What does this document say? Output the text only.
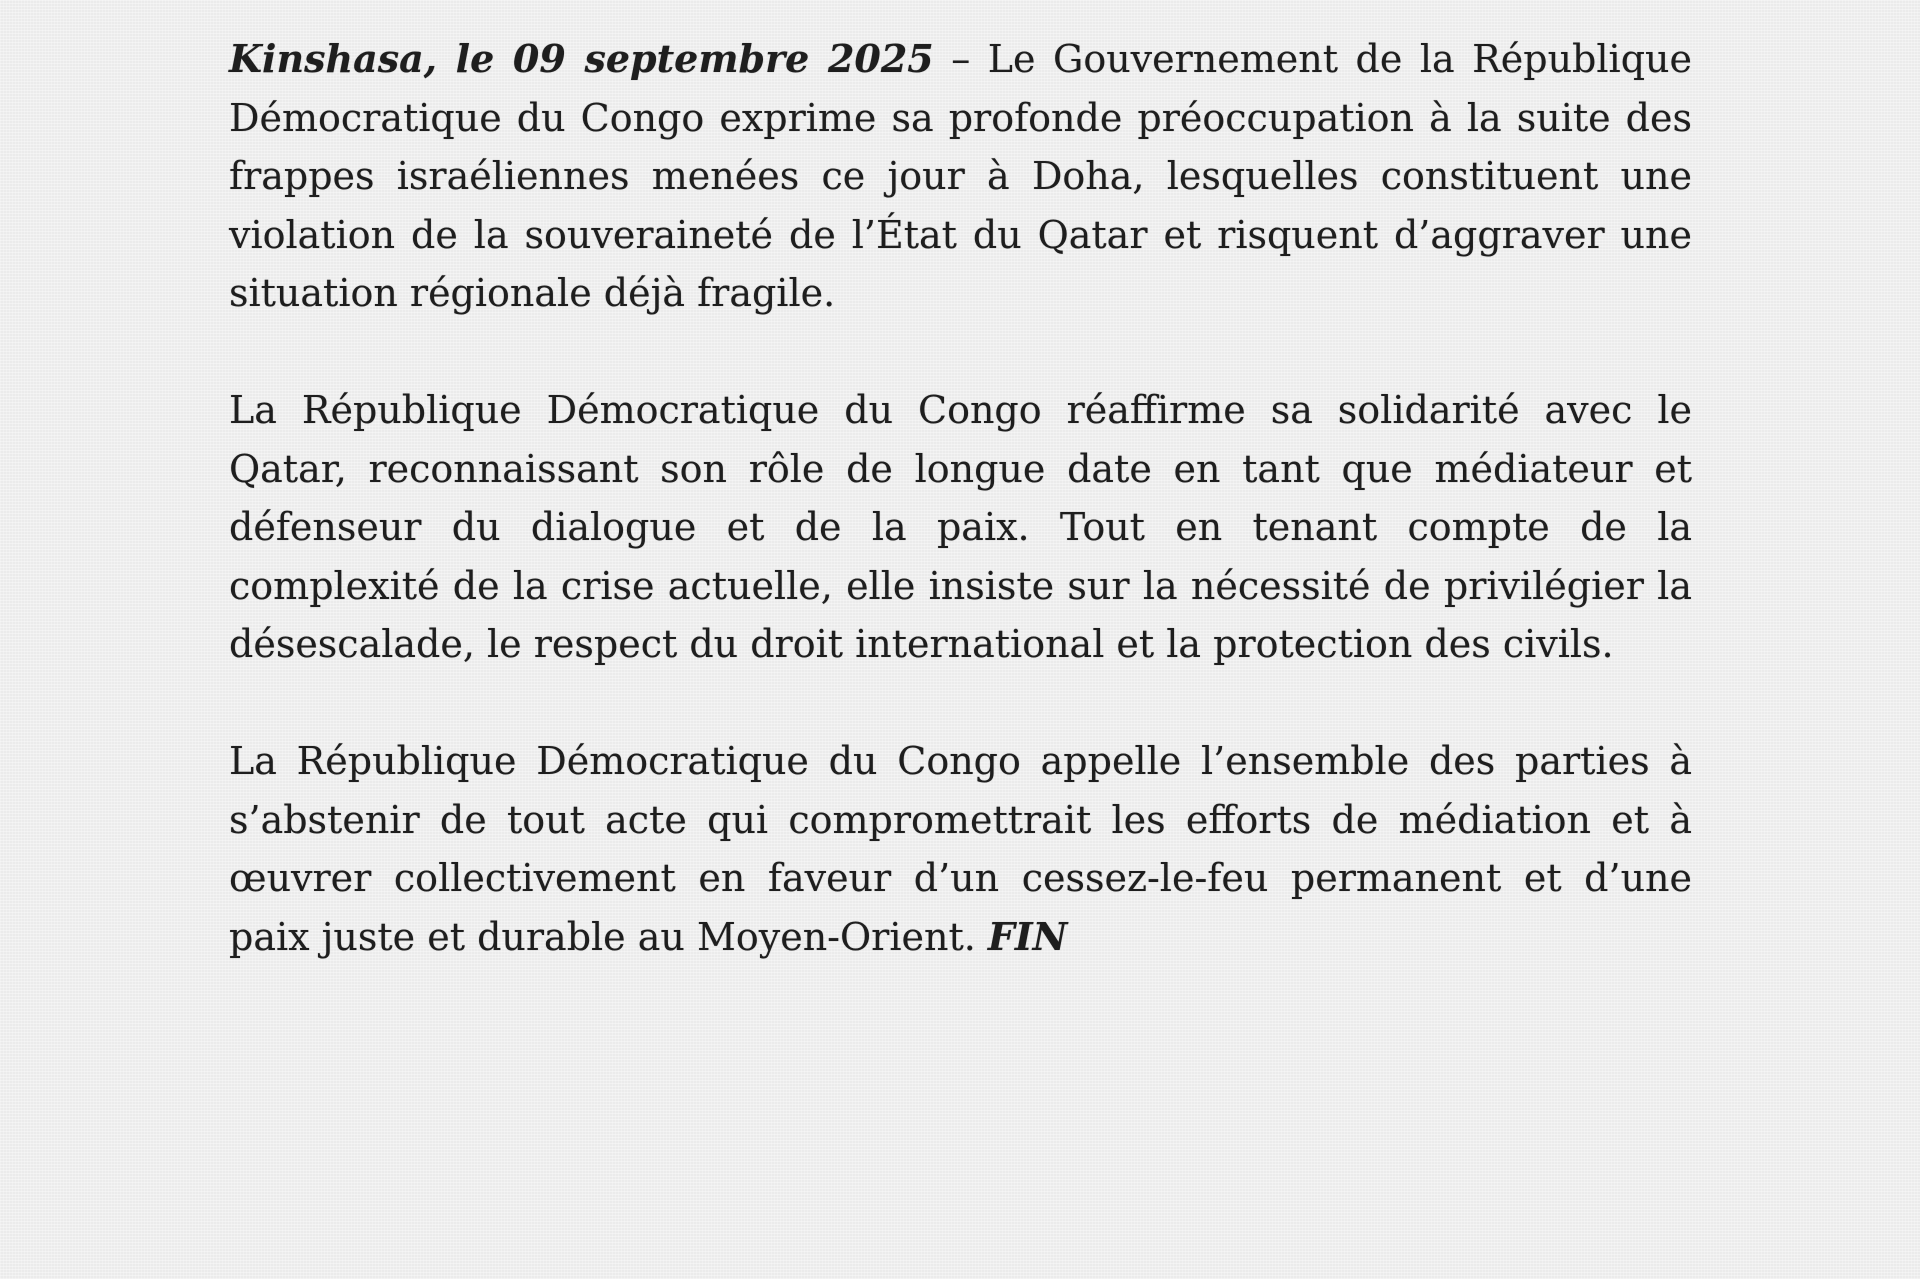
Kinshasa, le 09 septembre 2025 – Le Gouvernement de la République Démocratique du Congo exprime sa profonde préoccupation à la suite des frappes israéliennes menées ce jour à Doha, lesquelles constituent une violation de la souveraineté de l’État du Qatar et risquent d’aggraver une situation régionale déjà fragile.

La République Démocratique du Congo réaffirme sa solidarité avec le Qatar, reconnaissant son rôle de longue date en tant que médiateur et défenseur du dialogue et de la paix. Tout en tenant compte de la complexité de la crise actuelle, elle insiste sur la nécessité de privilégier la désescalade, le respect du droit international et la protection des civils.

La République Démocratique du Congo appelle l’ensemble des parties à s’abstenir de tout acte qui compromettrait les efforts de médiation et à œuvrer collectivement en faveur d’un cessez-le-feu permanent et d’une paix juste et durable au Moyen-Orient. FIN
